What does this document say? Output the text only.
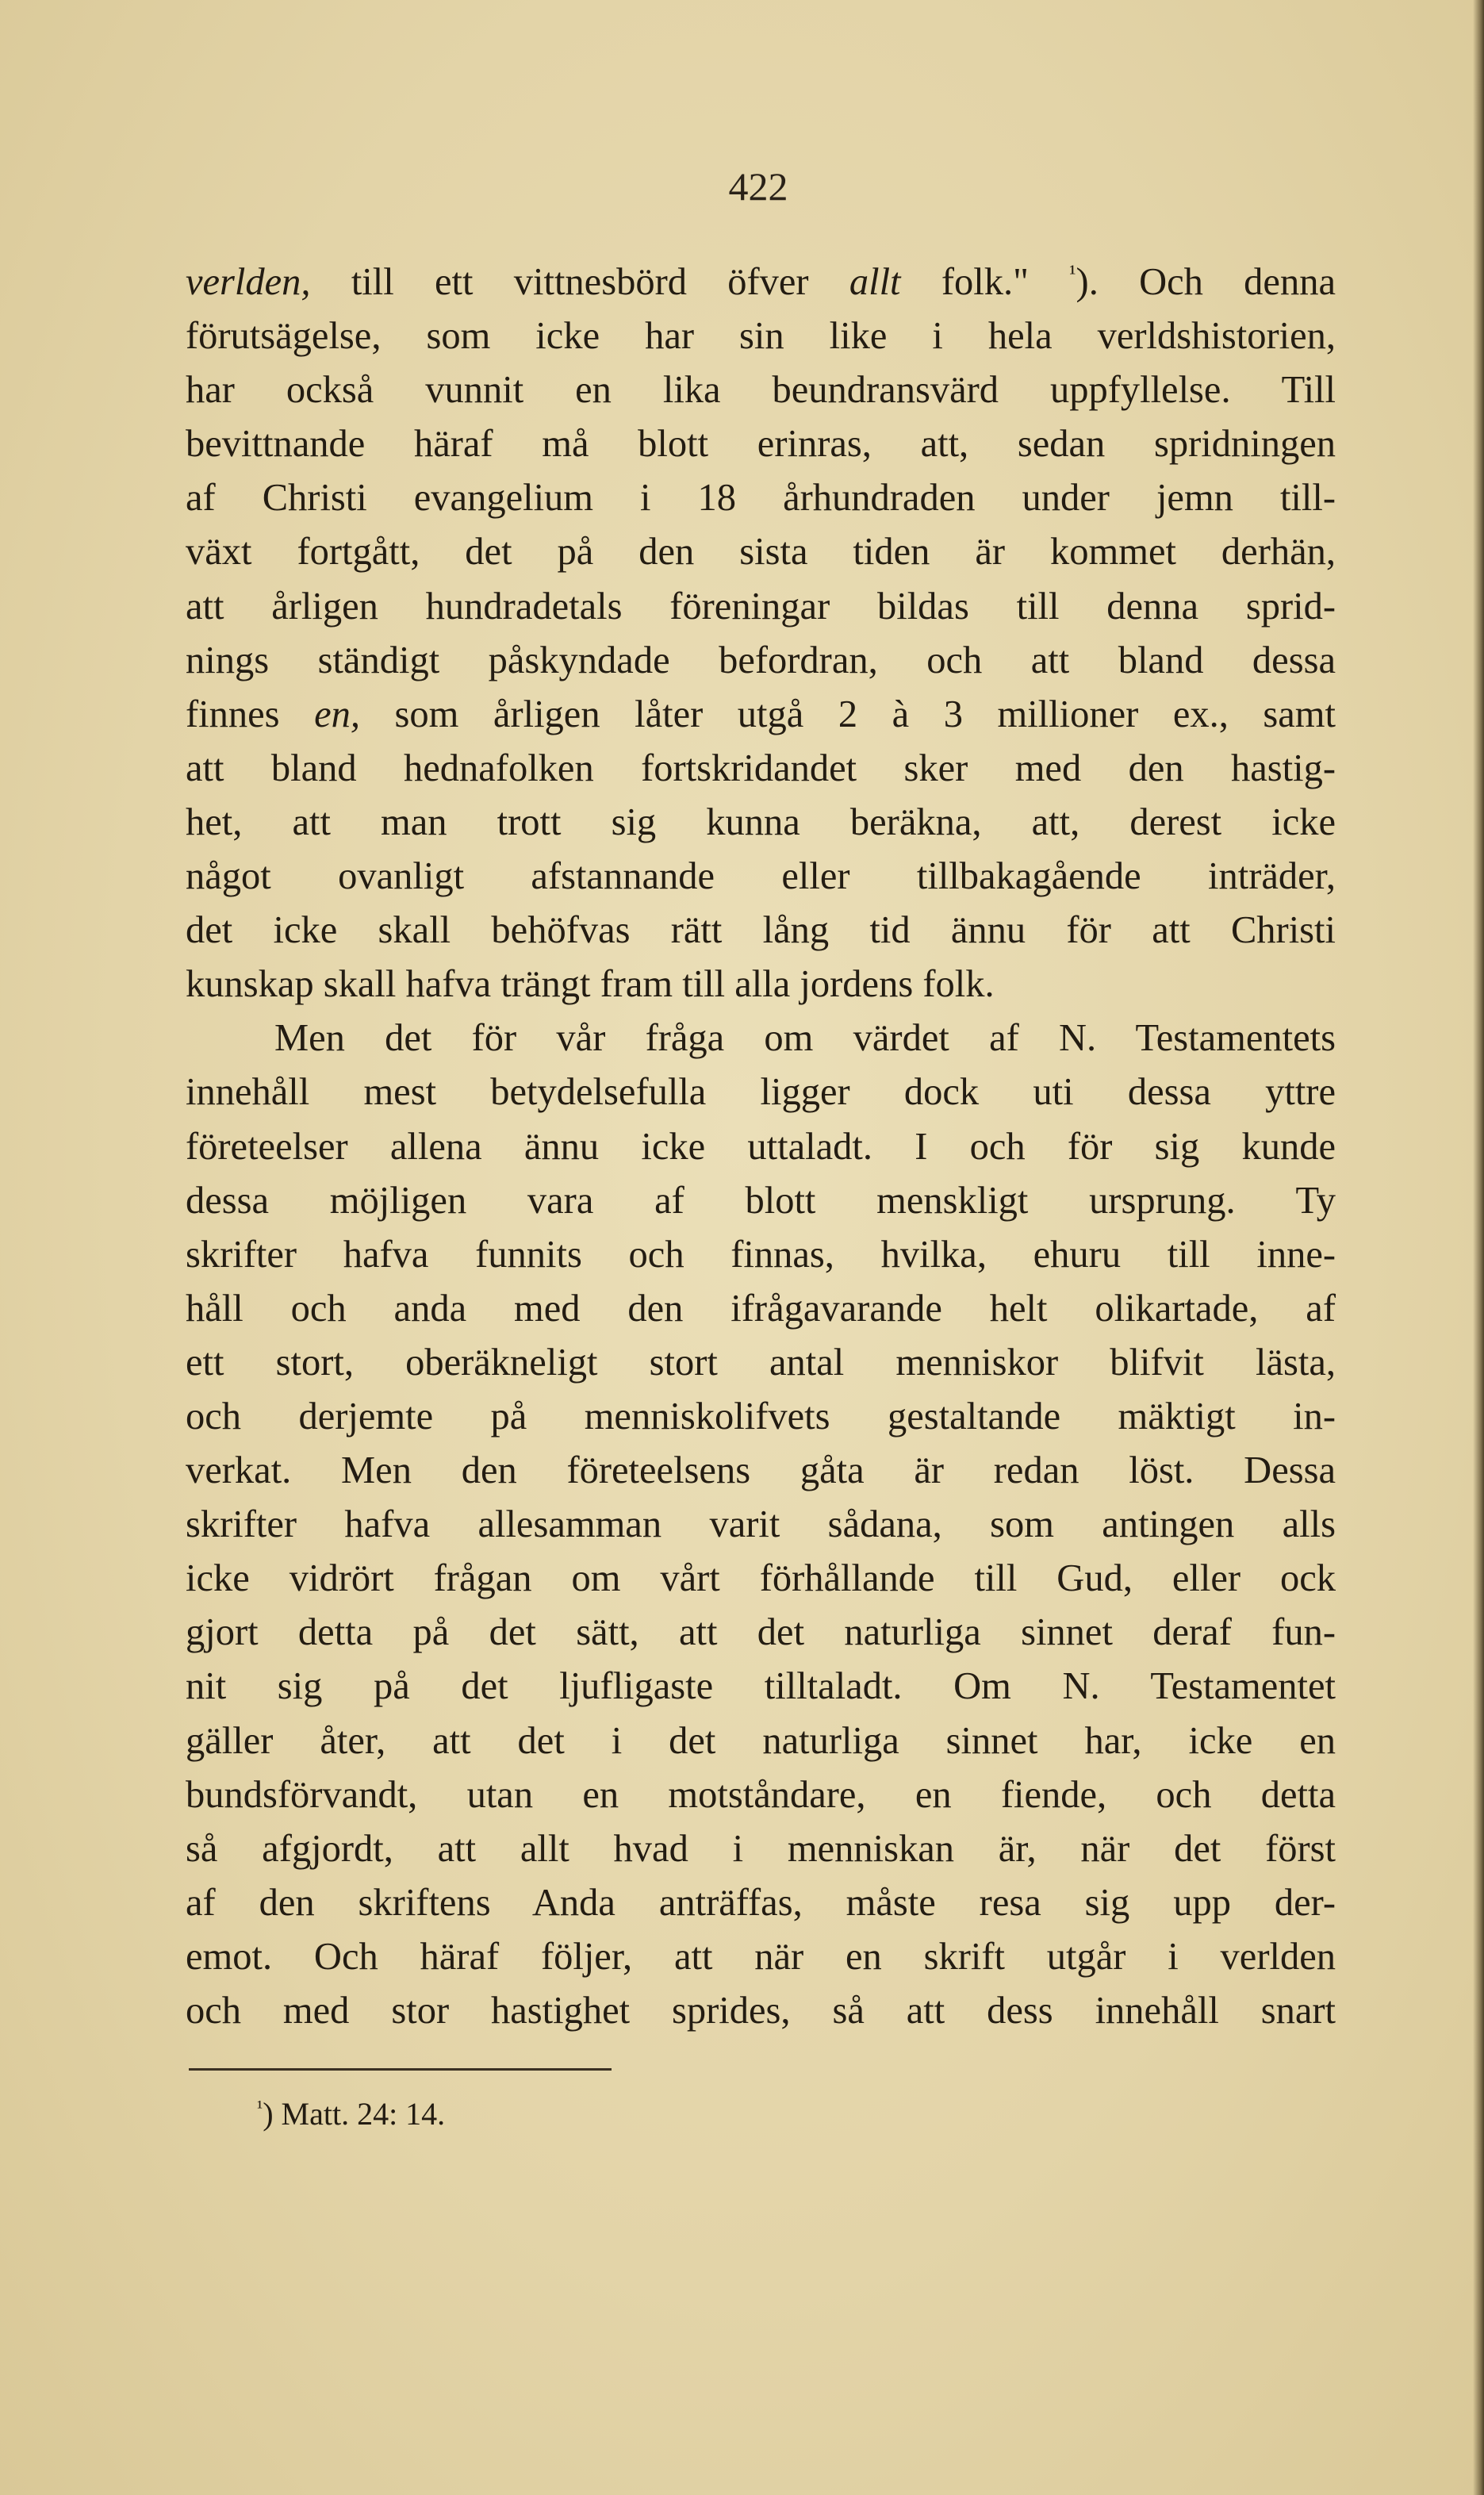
422
verlden, till ett vittnesbörd öfver allt folk." $^{^1}$). Och denna
förutsägelse, som icke har sin like i hela verldshistorien,
har också vunnit en lika beundransvärd uppfyllelse. Till
bevittnande häraf må blott erinras, att, sedan spridningen
af Christi evangelium i 18 århundraden under jemn till-
växt fortgått, det på den sista tiden är kommet derhän,
att årligen hundradetals föreningar bildas till denna sprid-
nings ständigt påskyndade befordran, och att bland dessa
finnes en, som årligen låter utgå 2 à 3 millioner ex., samt
att bland hednafolken fortskridandet sker med den hastig-
het, att man trott sig kunna beräkna, att, derest icke
något ovanligt afstannande eller tillbakagående inträder,
det icke skall behöfvas rätt lång tid ännu för att Christi
kunskap skall hafva trängt fram till alla jordens folk.
Men det för vår fråga om värdet af N. Testamentets
innehåll mest betydelsefulla ligger dock uti dessa yttre
företeelser allena ännu icke uttaladt. I och för sig kunde
dessa möjligen vara af blott menskligt ursprung. Ty
skrifter hafva funnits och finnas, hvilka, ehuru till inne-
håll och anda med den ifrågavarande helt olikartade, af
ett stort, oberäkneligt stort antal menniskor blifvit lästa,
och derjemte på menniskolifvets gestaltande mäktigt in-
verkat. Men den företeelsens gåta är redan löst. Dessa
skrifter hafva allesamman varit sådana, som antingen alls
icke vidrört frågan om vårt förhållande till Gud, eller ock
gjort detta på det sätt, att det naturliga sinnet deraf fun-
nit sig på det ljufligaste tilltaladt. Om N. Testamentet
gäller åter, att det i det naturliga sinnet har, icke en
bundsförvandt, utan en motståndare, en fiende, och detta
så afgjordt, att allt hvad i menniskan är, när det först
af den skriftens Anda anträffas, måste resa sig upp der-
emot. Och häraf följer, att när en skrift utgår i verlden
och med stor hastighet sprides, så att dess innehåll snart
$^{^1}$) Matt. 24: 14.
